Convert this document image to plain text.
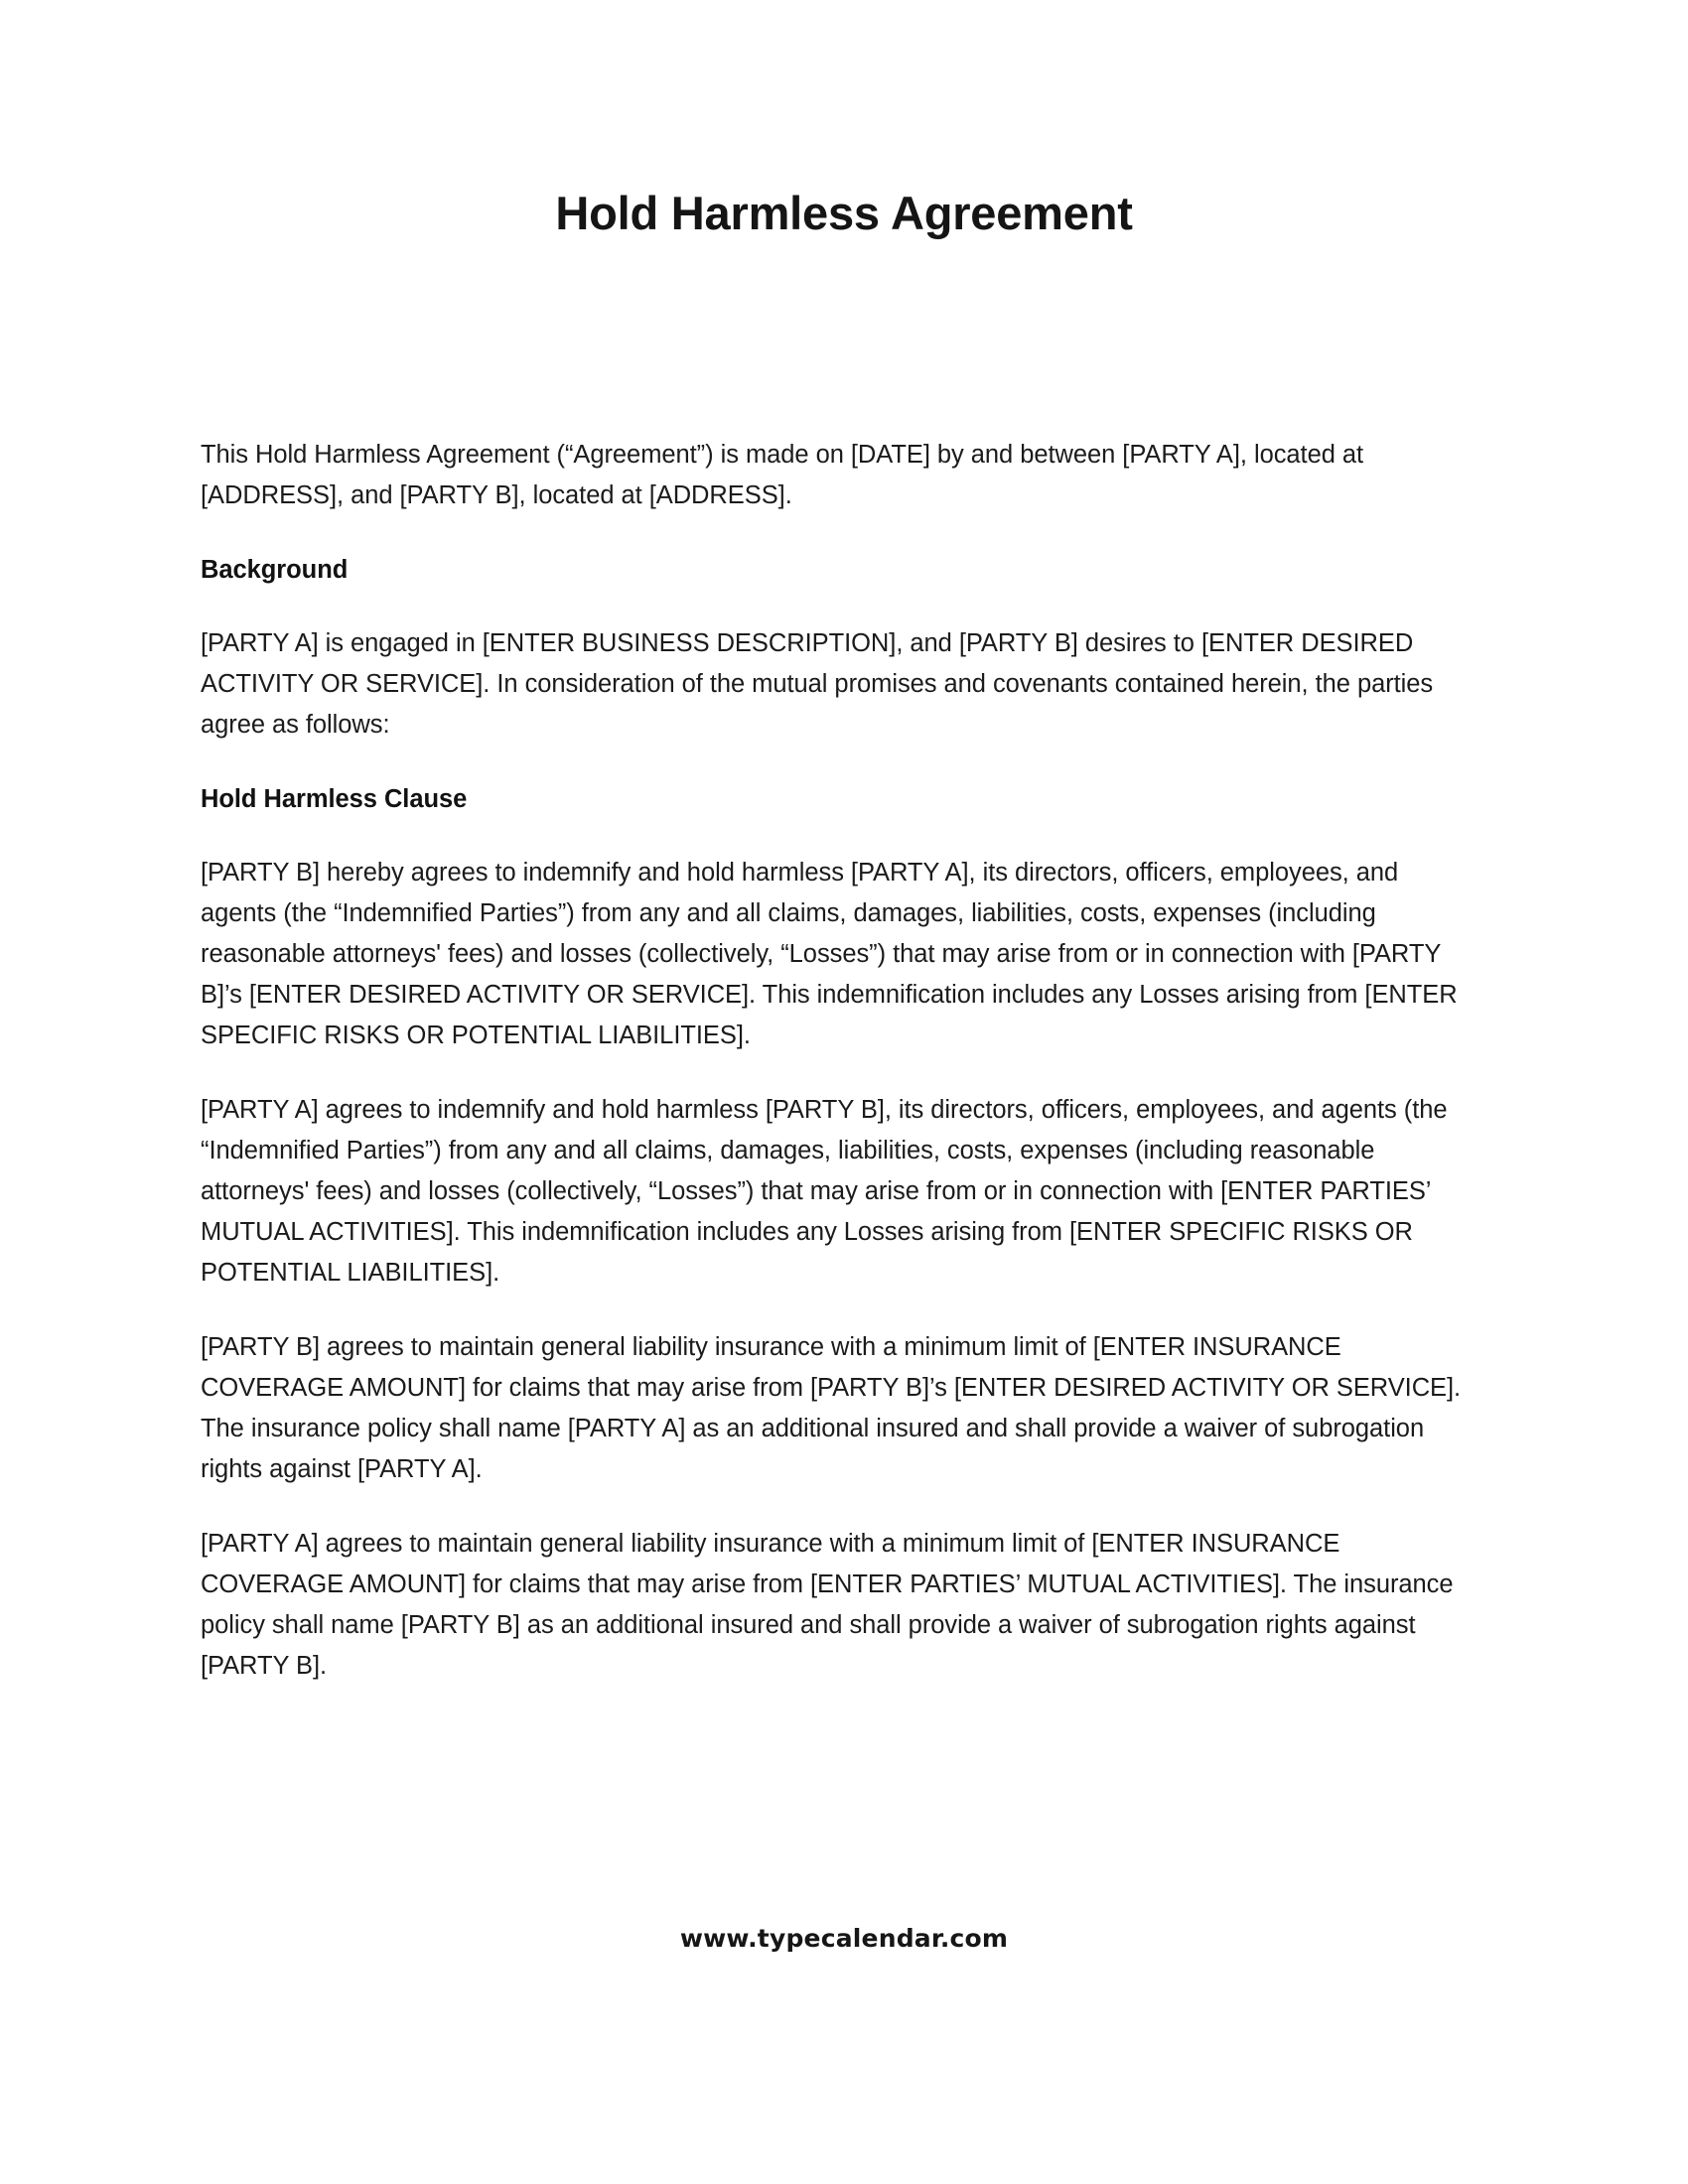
Hold Harmless Agreement

This Hold Harmless Agreement (“Agreement”) is made on [DATE] by and between [PARTY A], located at [ADDRESS], and [PARTY B], located at [ADDRESS].

Background

[PARTY A] is engaged in [ENTER BUSINESS DESCRIPTION], and [PARTY B] desires to [ENTER DESIRED ACTIVITY OR SERVICE]. In consideration of the mutual promises and covenants contained herein, the parties agree as follows:

Hold Harmless Clause

[PARTY B] hereby agrees to indemnify and hold harmless [PARTY A], its directors, officers, employees, and agents (the “Indemnified Parties”) from any and all claims, damages, liabilities, costs, expenses (including reasonable attorneys' fees) and losses (collectively, “Losses”) that may arise from or in connection with [PARTY B]’s [ENTER DESIRED ACTIVITY OR SERVICE]. This indemnification includes any Losses arising from [ENTER SPECIFIC RISKS OR POTENTIAL LIABILITIES].

[PARTY A] agrees to indemnify and hold harmless [PARTY B], its directors, officers, employees, and agents (the “Indemnified Parties”) from any and all claims, damages, liabilities, costs, expenses (including reasonable attorneys' fees) and losses (collectively, “Losses”) that may arise from or in connection with [ENTER PARTIES’ MUTUAL ACTIVITIES]. This indemnification includes any Losses arising from [ENTER SPECIFIC RISKS OR POTENTIAL LIABILITIES].

[PARTY B] agrees to maintain general liability insurance with a minimum limit of [ENTER INSURANCE COVERAGE AMOUNT] for claims that may arise from [PARTY B]’s [ENTER DESIRED ACTIVITY OR SERVICE]. The insurance policy shall name [PARTY A] as an additional insured and shall provide a waiver of subrogation rights against [PARTY A].

[PARTY A] agrees to maintain general liability insurance with a minimum limit of [ENTER INSURANCE COVERAGE AMOUNT] for claims that may arise from [ENTER PARTIES’ MUTUAL ACTIVITIES]. The insurance policy shall name [PARTY B] as an additional insured and shall provide a waiver of subrogation rights against [PARTY B].

www.typecalendar.com
